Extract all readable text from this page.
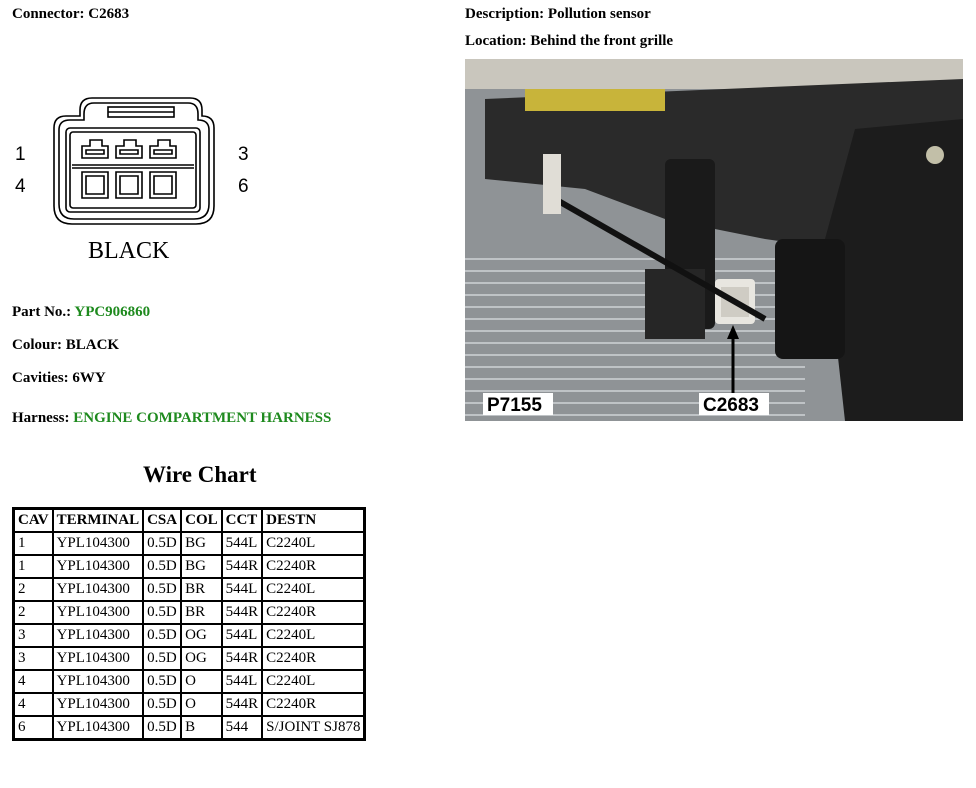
Connector: C2683	Description: Pollution sensor
Location: Behind the front grille
1
4
3
6
BLACK
P7155	C2683
Part No.: YPC906860
Colour: BLACK
Cavities: 6WY
Harness: ENGINE COMPARTMENT HARNESS
Wire Chart
CAV	TERMINAL	CSA	COL	CCT	DESTN
1	YPL104300	0.5D	BG	544L	C2240L
1	YPL104300	0.5D	BG	544R	C2240R
2	YPL104300	0.5D	BR	544L	C2240L
2	YPL104300	0.5D	BR	544R	C2240R
3	YPL104300	0.5D	OG	544L	C2240L
3	YPL104300	0.5D	OG	544R	C2240R
4	YPL104300	0.5D	O	544L	C2240L
4	YPL104300	0.5D	O	544R	C2240R
6	YPL104300	0.5D	B	544	S/JOINT SJ878
